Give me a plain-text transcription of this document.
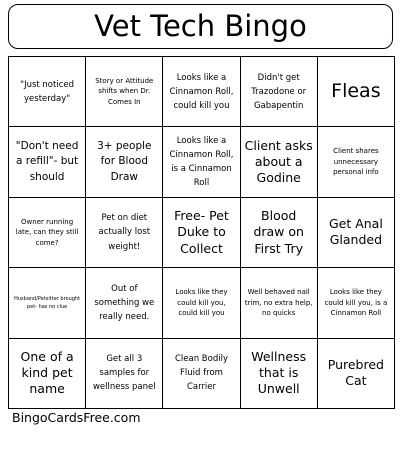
Vet Tech Bingo
"Just noticed yesterday"
Story or Attitude shifts when Dr. Comes In
Looks like a Cinnamon Roll, could kill you
Didn't get Trazodone or Gabapentin
Fleas
"Don't need a refill"- but should
3+ people for Blood Draw
Looks like a Cinnamon Roll, is a Cinnamon Roll
Client asks about a Godine
Client shares unnecessary personal info
Owner running late, can they still come?
Pet on diet actually lost weight!
Free- Pet Duke to Collect
Blood draw on First Try
Get Anal Glanded
Husband/Petsitter brought pet- has no clue
Out of something we really need.
Looks like they could kill you, could kill you
Well behaved nail trim, no extra help, no quicks
Looks like they could kill you, is a Cinnamon Roll
One of a kind pet name
Get all 3 samples for wellness panel
Clean Bodily Fluid from Carrier
Wellness that is Unwell
Purebred Cat
BingoCardsFree.com
